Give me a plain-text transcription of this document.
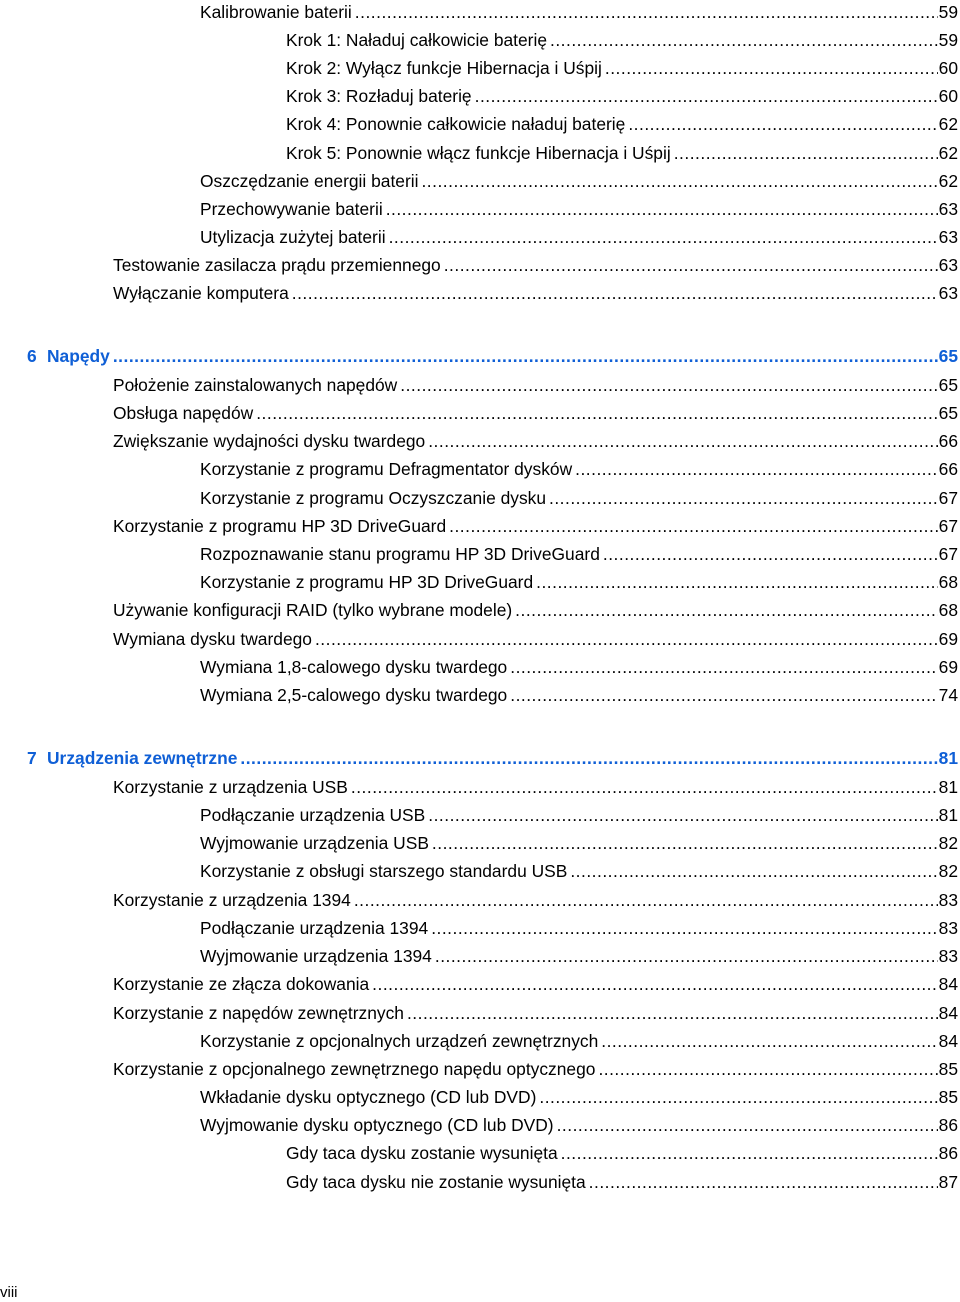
Kalibrowanie baterii .....	59
Krok 1: Naładuj całkowicie baterię .....	59
Krok 2: Wyłącz funkcje Hibernacja i Uśpij .....	60
Krok 3: Rozładuj baterię .....	60
Krok 4: Ponownie całkowicie naładuj baterię .....	62
Krok 5: Ponownie włącz funkcje Hibernacja i Uśpij .....	62
Oszczędzanie energii baterii .....	62
Przechowywanie baterii .....	63
Utylizacja zużytej baterii .....	63
Testowanie zasilacza prądu przemiennego .....	63
Wyłączanie komputera .....	63
6 Napędy .....	65
Położenie zainstalowanych napędów .....	65
Obsługa napędów .....	65
Zwiększanie wydajności dysku twardego .....	66
Korzystanie z programu Defragmentator dysków .....	66
Korzystanie z programu Oczyszczanie dysku .....	67
Korzystanie z programu HP 3D DriveGuard .....	67
Rozpoznawanie stanu programu HP 3D DriveGuard .....	67
Korzystanie z programu HP 3D DriveGuard .....	68
Używanie konfiguracji RAID (tylko wybrane modele) .....	68
Wymiana dysku twardego .....	69
Wymiana 1,8-calowego dysku twardego .....	69
Wymiana 2,5-calowego dysku twardego .....	74
7 Urządzenia zewnętrzne .....	81
Korzystanie z urządzenia USB .....	81
Podłączanie urządzenia USB .....	81
Wyjmowanie urządzenia USB .....	82
Korzystanie z obsługi starszego standardu USB .....	82
Korzystanie z urządzenia 1394 .....	83
Podłączanie urządzenia 1394 .....	83
Wyjmowanie urządzenia 1394 .....	83
Korzystanie ze złącza dokowania .....	84
Korzystanie z napędów zewnętrznych .....	84
Korzystanie z opcjonalnych urządzeń zewnętrznych .....	84
Korzystanie z opcjonalnego zewnętrznego napędu optycznego .....	85
Wkładanie dysku optycznego (CD lub DVD) .....	85
Wyjmowanie dysku optycznego (CD lub DVD) .....	86
Gdy taca dysku zostanie wysunięta .....	86
Gdy taca dysku nie zostanie wysunięta .....	87
viii
